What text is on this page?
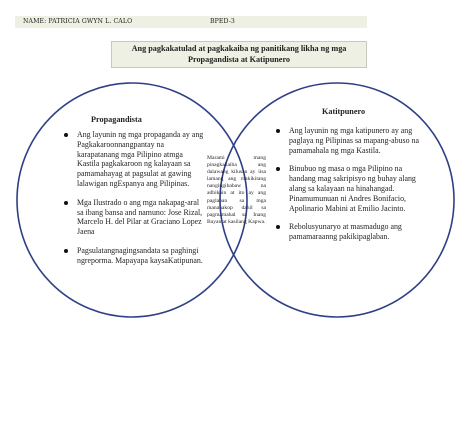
NAME: PATRICIA GWYN L. CALO	BPED-3
Ang pagkakatulad at pagkakaiba ng panitikang likha ng mga
Propagandista at Katipunero
Propagandista
Katitpunero
Ang layunin ng mga propaganda ay ang Pagkakaroonnangpantay na karapatanang mga Pilipino atmga Kastila pagkakaroon ng kalayaan sa pamamahayag at pagsulat at gawing lalawigan ngEspanya ang Pilipinas.
Mga Ilustrado o ang mga nakapag-aral sa ibang bansa and namuno: Jose Rizal, Marcelo H. del Pilar at Graciano Lopez Jaena
Pagsulatangnagingsandata sa paghingi ngreporma. Mapayapa kaysaKatipunan.
Ang layunin ng mga katipunero ay ang paglaya ng Pilipinas sa mapang-abuso na pamamahala ng mga Kastila.
Binubuo ng masa o mga Pilipino na handang mag sakripisyo ng buhay alang alang sa kalayaan na hinahangad. Pinamumunuan ni Andres Bonifacio, Apolinario Mabini at Emilio Jacinto.
Rebolusyunaryo at masmadugo ang pamamaraanng pakikipaglaban.
Marami mang pinagkakaiba ang dalawang kilusan ay iisa lamang ang makikitang nangingibabaw na adhikain at ito ay ang paglaban sa mga mananakop dahil sa pagmamahal sa Inang Bayan at kasilang Kapwa.
